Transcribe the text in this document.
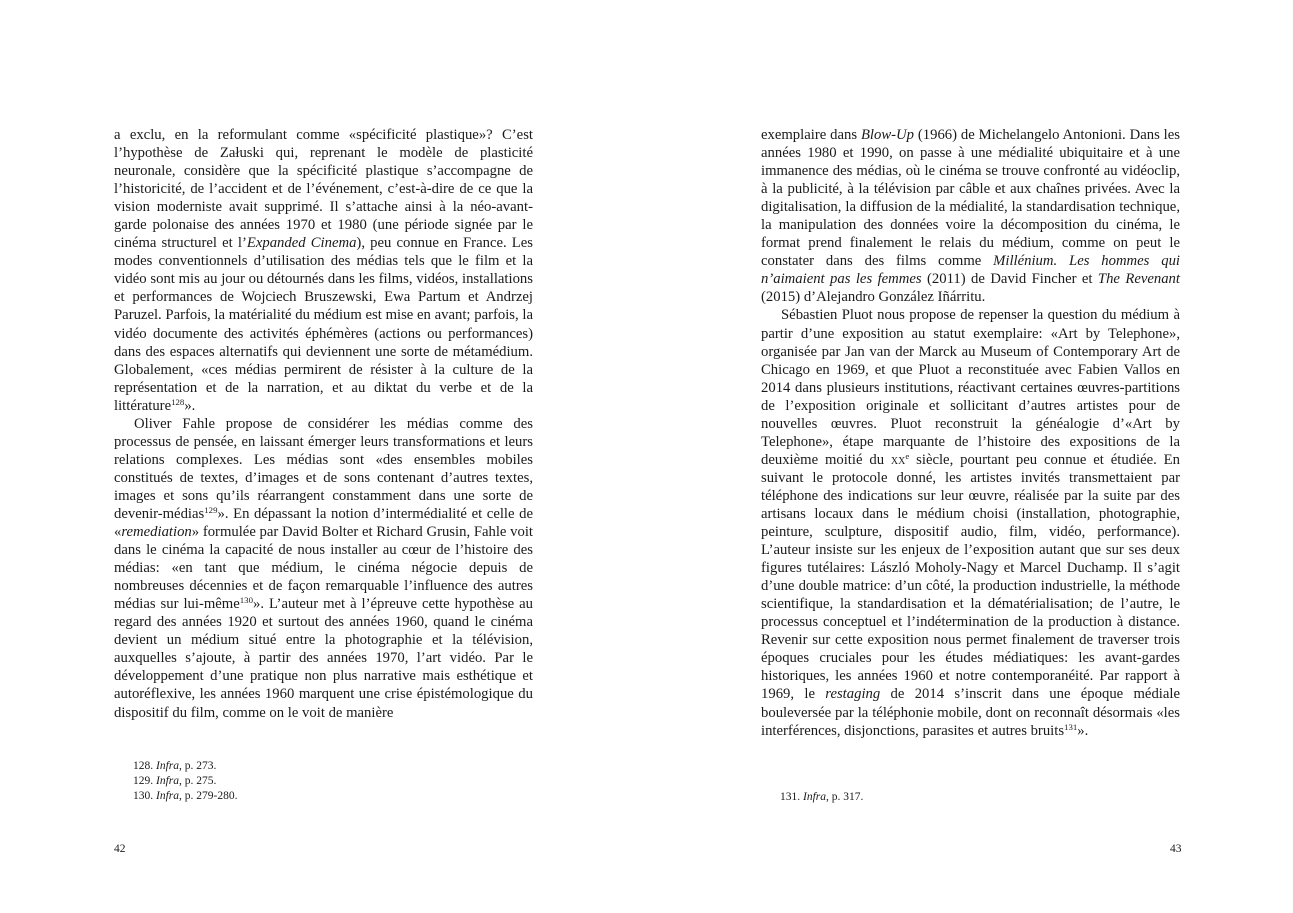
a exclu, en la reformulant comme «spécificité plastique»? C’est l’hypothèse de Załuski qui, reprenant le modèle de plasticité neuronale, considère que la spécificité plastique s’accompagne de l’historicité, de l’accident et de l’événement, c’est-à-dire de ce que la vision moderniste avait supprimé. Il s’attache ainsi à la néo-avant-garde polonaise des années 1970 et 1980 (une période signée par le cinéma structurel et l’Expanded Cinema), peu connue en France. Les modes conventionnels d’utilisation des médias tels que le film et la vidéo sont mis au jour ou détournés dans les films, vidéos, installations et performances de Wojciech Bruszewski, Ewa Partum et Andrzej Paruzel. Parfois, la matérialité du médium est mise en avant; parfois, la vidéo documente des activités éphémères (actions ou performances) dans des espaces alternatifs qui deviennent une sorte de métamédium. Globalement, «ces médias permirent de résister à la culture de la représentation et de la narration, et au diktat du verbe et de la littérature$^{128}$».

Oliver Fahle propose de considérer les médias comme des processus de pensée, en laissant émerger leurs transformations et leurs relations complexes. Les médias sont «des ensembles mobiles constitués de textes, d’images et de sons contenant d’autres textes, images et sons qu’ils réarrangent constamment dans une sorte de devenir-médias$^{129}$». En dépassant la notion d’intermédialité et celle de «remediation» formulée par David Bolter et Richard Grusin, Fahle voit dans le cinéma la capacité de nous installer au cœur de l’histoire des médias: «en tant que médium, le cinéma négocie depuis de nombreuses décennies et de façon remarquable l’influence des autres médias sur lui-même$^{130}$». L’auteur met à l’épreuve cette hypothèse au regard des années 1920 et surtout des années 1960, quand le cinéma devient un médium situé entre la photographie et la télévision, auxquelles s’ajoute, à partir des années 1970, l’art vidéo. Par le développement d’une pratique non plus narrative mais esthétique et autoréflexive, les années 1960 marquent une crise épistémologique du dispositif du film, comme on le voit de manière

128. Infra, p. 273.
129. Infra, p. 275.
130. Infra, p. 279-280.
42

exemplaire dans Blow-Up (1966) de Michelangelo Antonioni. Dans les années 1980 et 1990, on passe à une médialité ubiquitaire et à une immanence des médias, où le cinéma se trouve confronté au vidéoclip, à la publicité, à la télévision par câble et aux chaînes privées. Avec la digitalisation, la diffusion de la médialité, la standardisation technique, la manipulation des données voire la décomposition du cinéma, le format prend finalement le relais du médium, comme on peut le constater dans des films comme Millénium. Les hommes qui n’aimaient pas les femmes (2011) de David Fincher et The Revenant (2015) d’Alejandro González Iñárritu.

Sébastien Pluot nous propose de repenser la question du médium à partir d’une exposition au statut exemplaire: «Art by Telephone», organisée par Jan van der Marck au Museum of Contemporary Art de Chicago en 1969, et que Pluot a reconstituée avec Fabien Vallos en 2014 dans plusieurs institutions, réactivant certaines œuvres-partitions de l’exposition originale et sollicitant d’autres artistes pour de nouvelles œuvres. Pluot reconstruit la généalogie d’«Art by Telephone», étape marquante de l’histoire des expositions de la deuxième moitié du $xx^e$ siècle, pourtant peu connue et étudiée. En suivant le protocole donné, les artistes invités transmettaient par téléphone des indications sur leur œuvre, réalisée par la suite par des artisans locaux dans le médium choisi (installation, photographie, peinture, sculpture, dispositif audio, film, vidéo, performance). L’auteur insiste sur les enjeux de l’exposition autant que sur ses deux figures tutélaires: László Moholy-Nagy et Marcel Duchamp. Il s’agit d’une double matrice: d’un côté, la production industrielle, la méthode scientifique, la standardisation et la dématérialisation; de l’autre, le processus conceptuel et l’indétermination de la production à distance. Revenir sur cette exposition nous permet finalement de traverser trois époques cruciales pour les études médiatiques: les avant-gardes historiques, les années 1960 et notre contemporanéité. Par rapport à 1969, le restaging de 2014 s’inscrit dans une époque médiale bouleversée par la téléphonie mobile, dont on reconnaît désormais «les interférences, disjonctions, parasites et autres bruits$^{131}$».

131. Infra, p. 317.
43
